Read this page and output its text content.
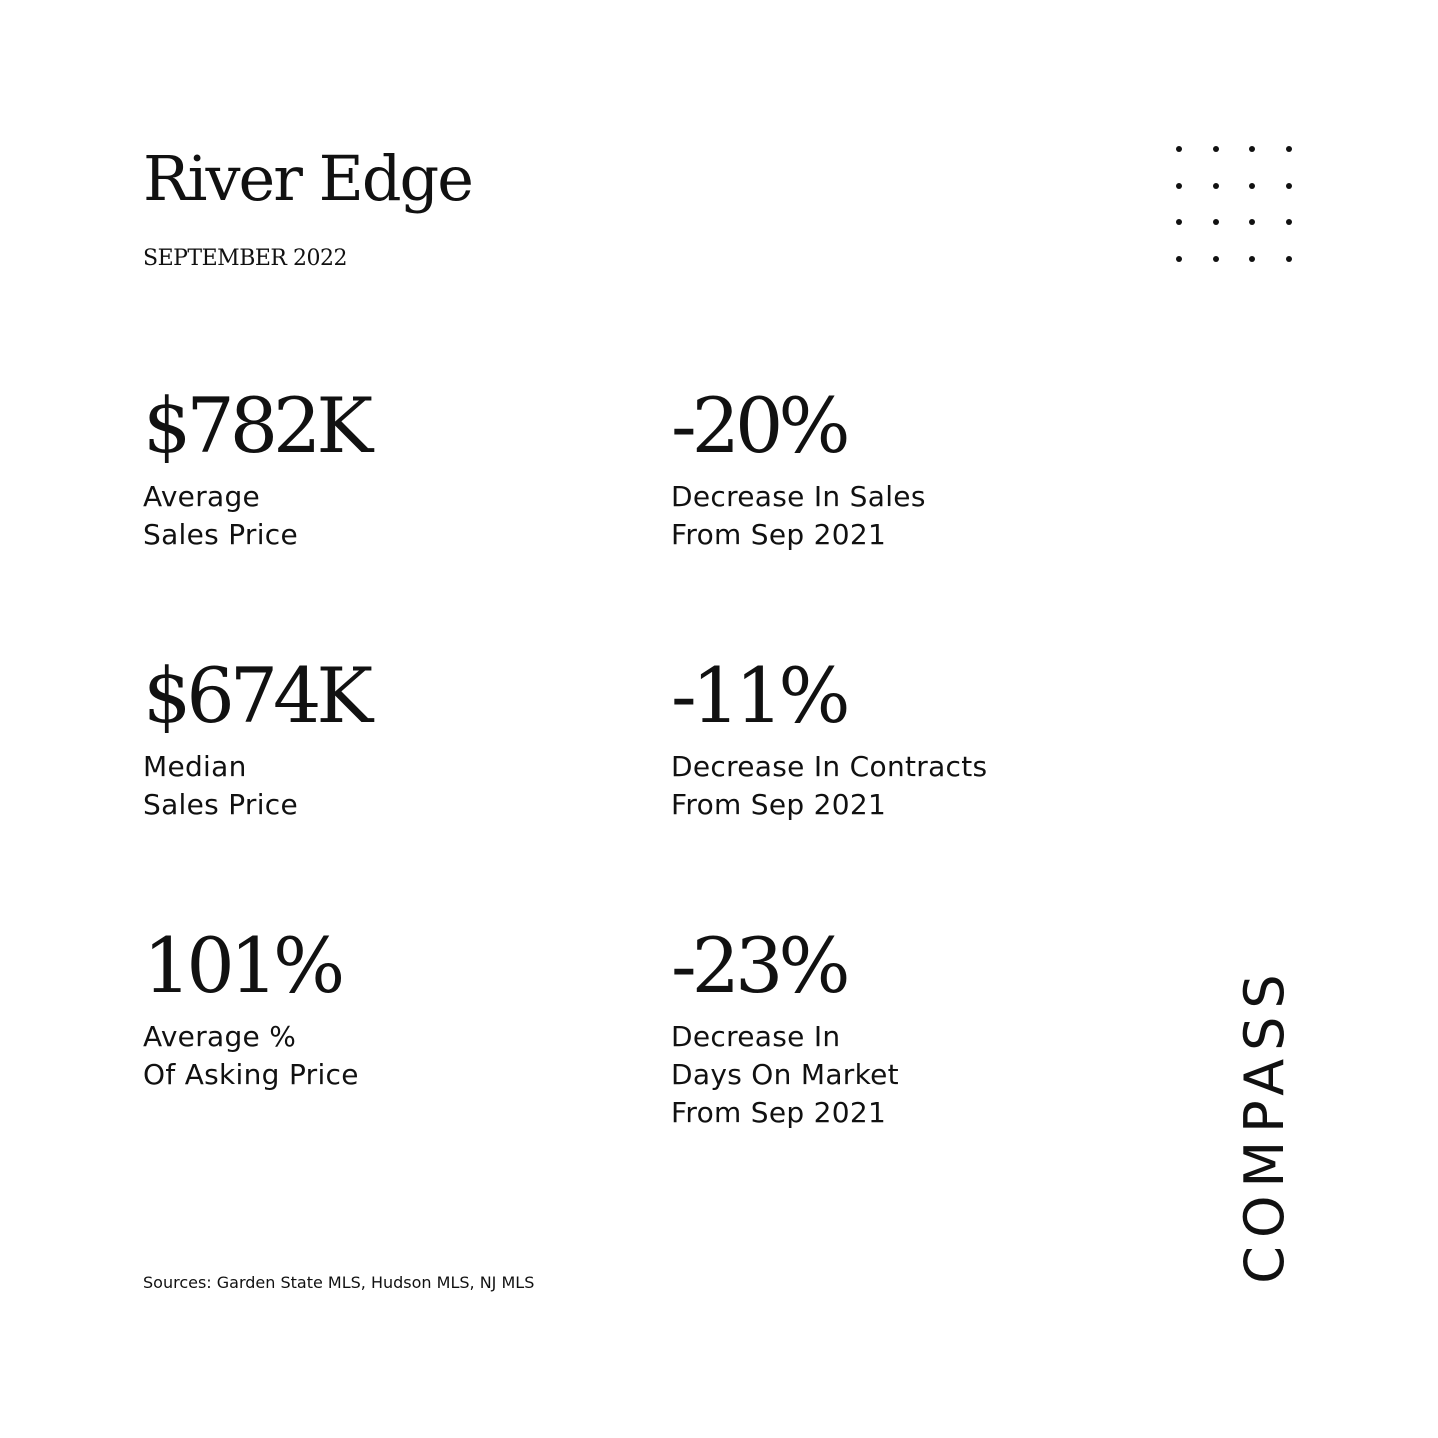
River Edge
SEPTEMBER 2022
$782K
Average
Sales Price
-20%
Decrease In Sales
From Sep 2021
$674K
Median
Sales Price
-11%
Decrease In Contracts
From Sep 2021
101%
Average %
Of Asking Price
-23%
Decrease In
Days On Market
From Sep 2021
Sources: Garden State MLS, Hudson MLS, NJ MLS	COMPASS
